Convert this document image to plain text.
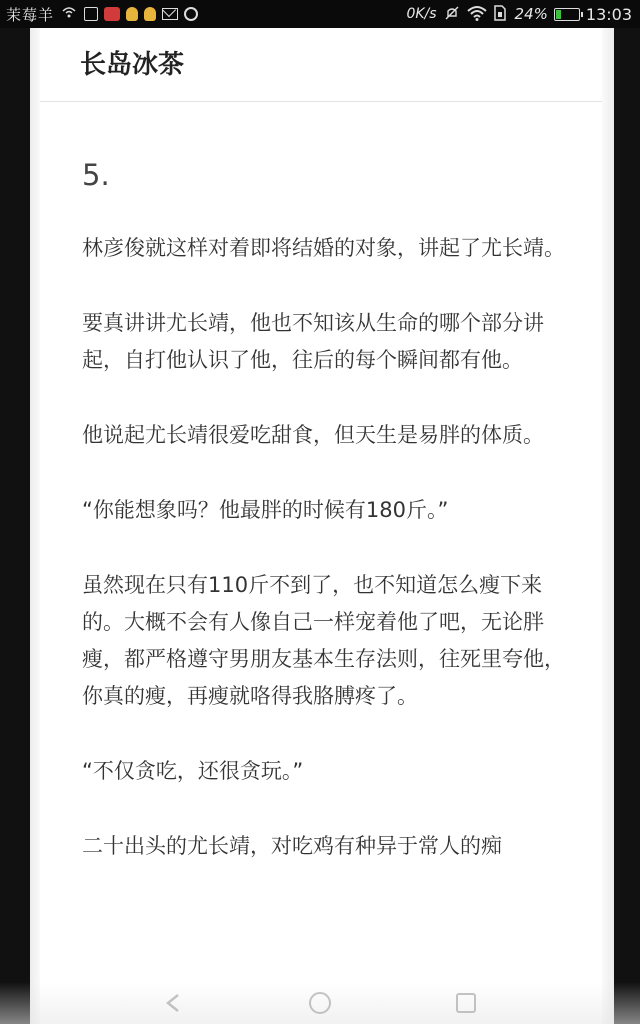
茉莓羊	0K/s	24% 13:03
长岛冰茶

5.

林彦俊就这样对着即将结婚的对象，讲起了尤长靖。

要真讲讲尤长靖，他也不知该从生命的哪个部分讲起，自打他认识了他，往后的每个瞬间都有他。

他说起尤长靖很爱吃甜食，但天生是易胖的体质。

“你能想象吗？他最胖的时候有180斤。”

虽然现在只有110斤不到了，也不知道怎么瘦下来的。大概不会有人像自己一样宠着他了吧，无论胖瘦，都严格遵守男朋友基本生存法则，往死里夸他，你真的瘦，再瘦就咯得我胳膊疼了。

“不仅贪吃，还很贪玩。”

二十出头的尤长靖，对吃鸡有种异于常人的痴
